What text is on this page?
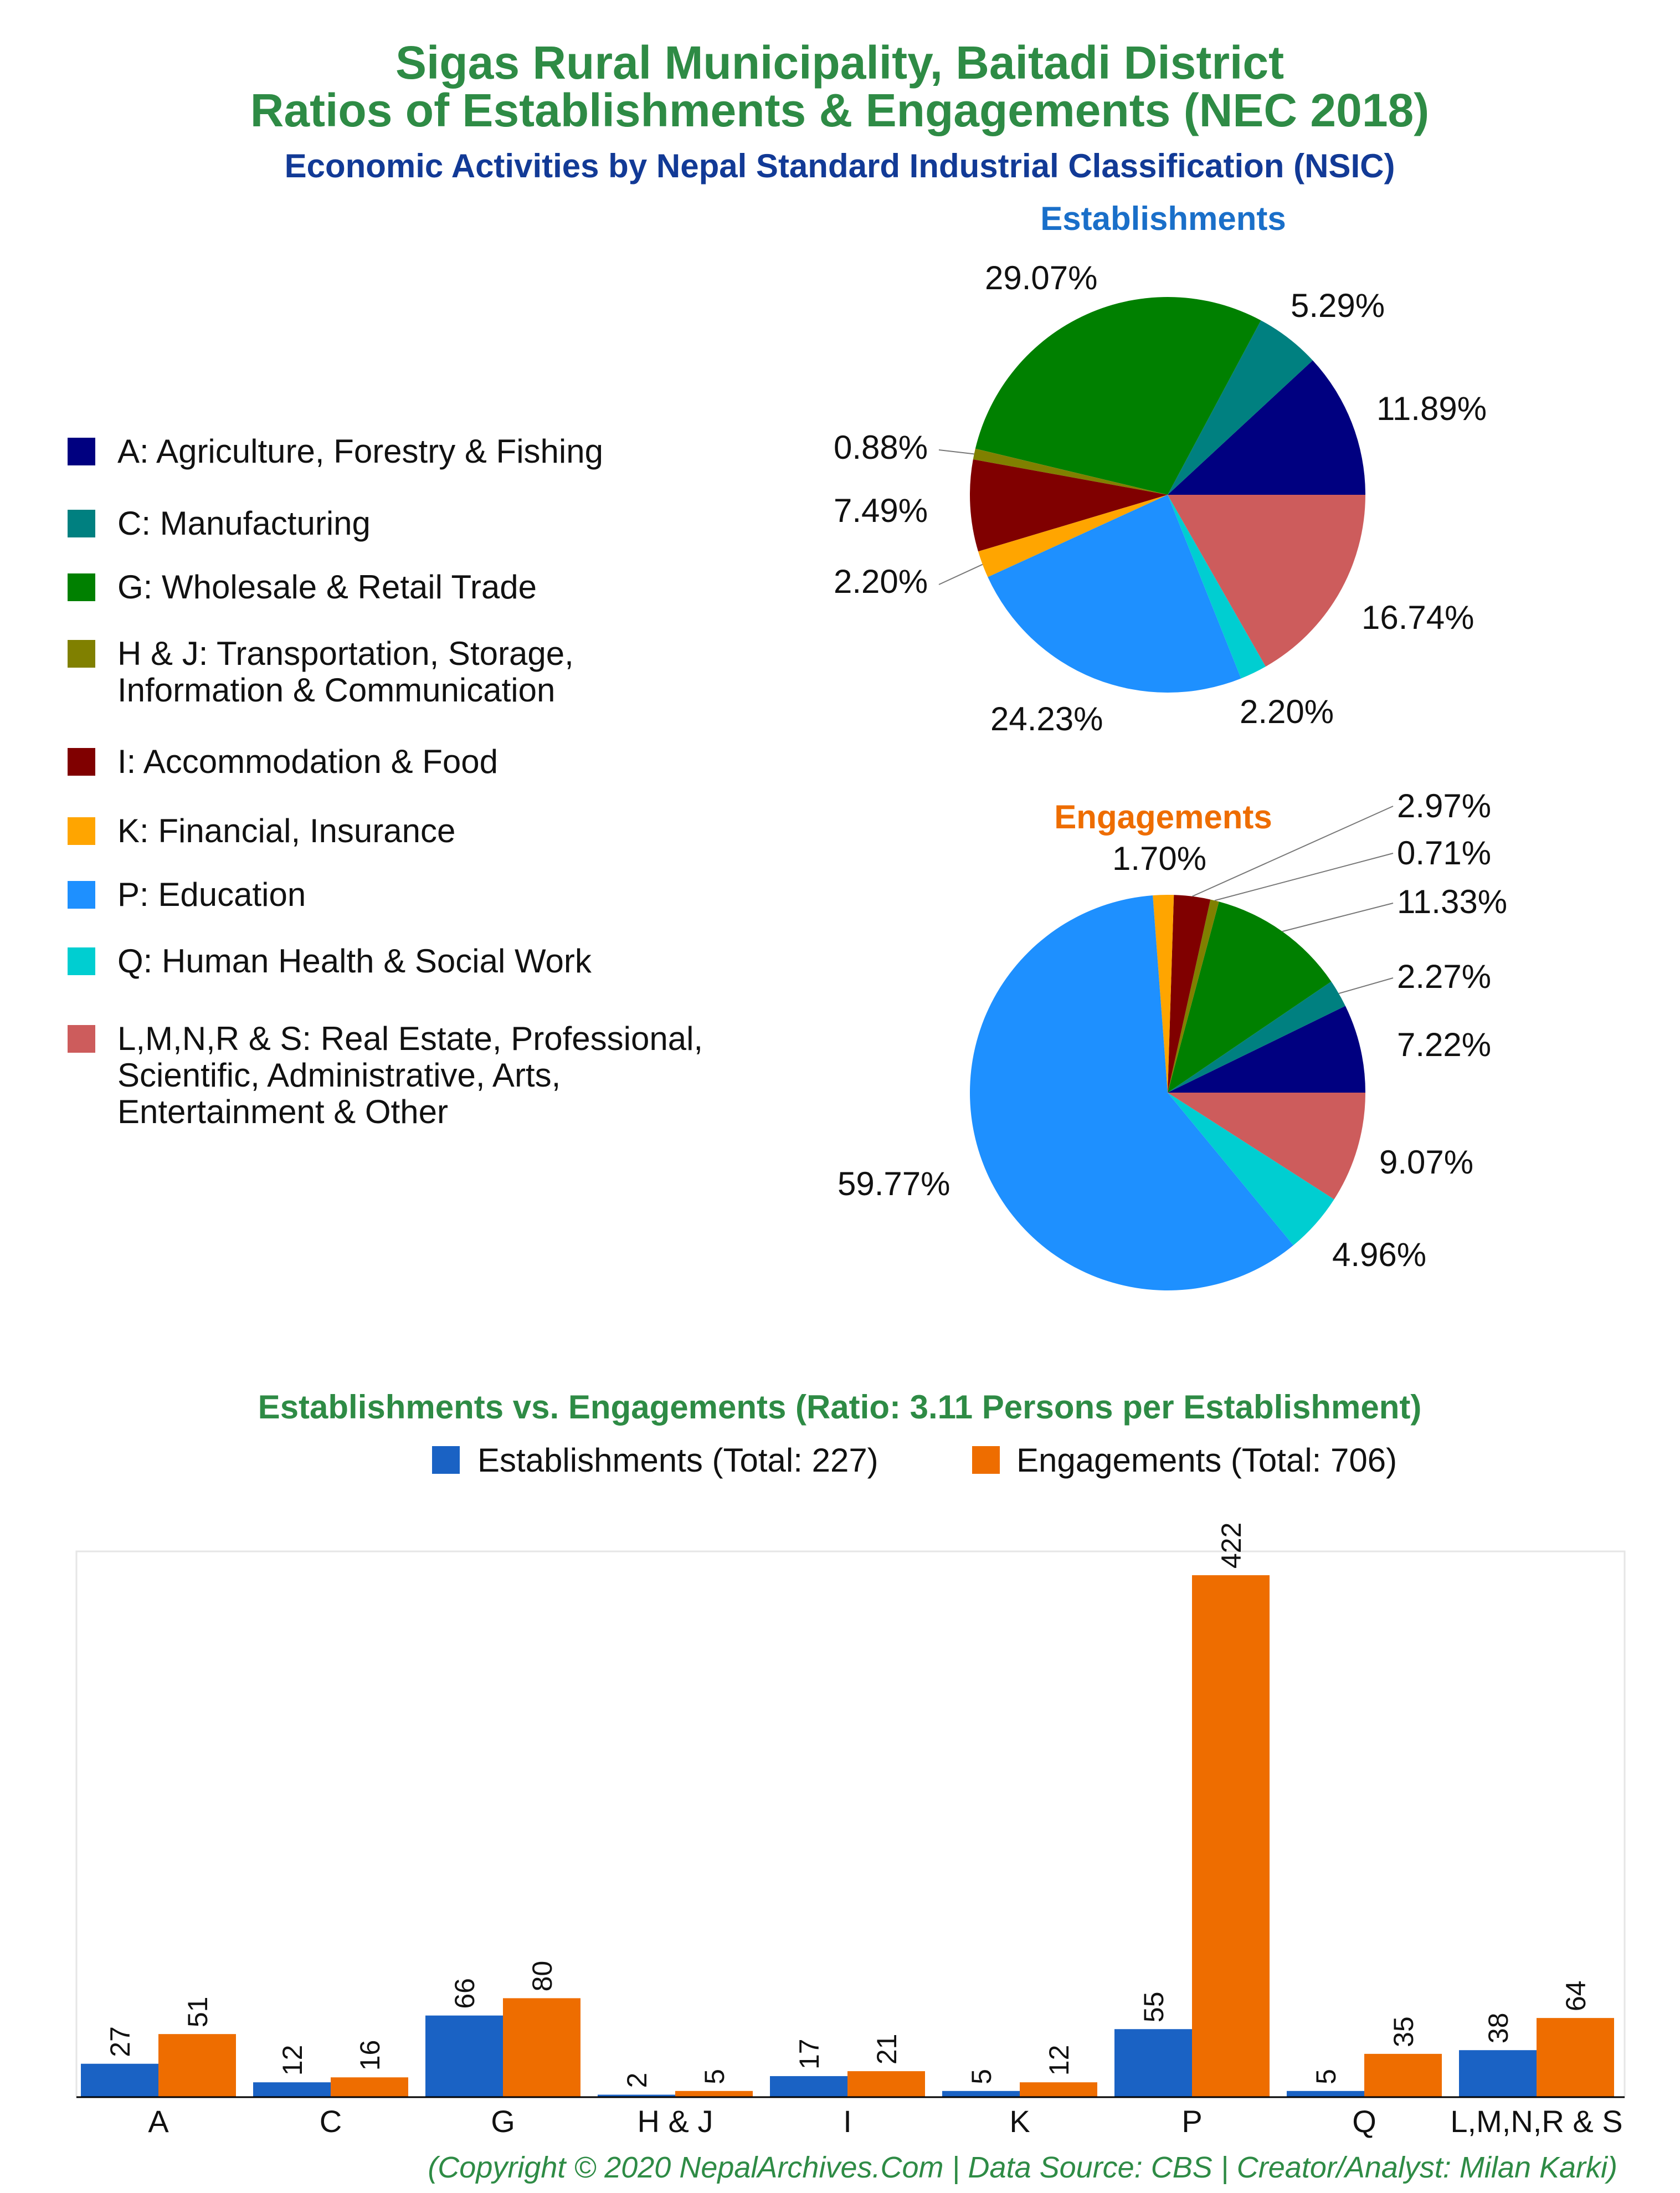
Sigas Rural Municipality, Baitadi District
Ratios of Establishments & Engagements (NEC 2018)
Economic Activities by Nepal Standard Industrial Classification (NSIC)
A: Agriculture, Forestry & Fishing
C: Manufacturing
G: Wholesale & Retail Trade
H & J: Transportation, Storage, Information & Communication
I: Accommodation & Food
K: Financial, Insurance
P: Education
Q: Human Health & Social Work
L,M,N,R & S: Real Estate, Professional, Scientific, Administrative, Arts, Entertainment & Other
Establishments
11.89%
5.29%
29.07%
0.88%
7.49%
2.20%
24.23%	2.20%
16.74%
Engagements
7.22%
2.27%
11.33%
0.71%
2.97%
1.70%
59.77%
4.96%
9.07%
Establishments vs. Engagements (Ratio: 3.11 Persons per Establishment)
Establishments (Total: 227)	Engagements (Total: 706)
27
51
A
12 16
C
66
80
G
2 5
H & J
17 21
I
5
12
K
55
422
P
5
35
Q
38
64
L,M,N,R & S
(Copyright © 2020 NepalArchives.Com | Data Source: CBS | Creator/Analyst: Milan Karki)
